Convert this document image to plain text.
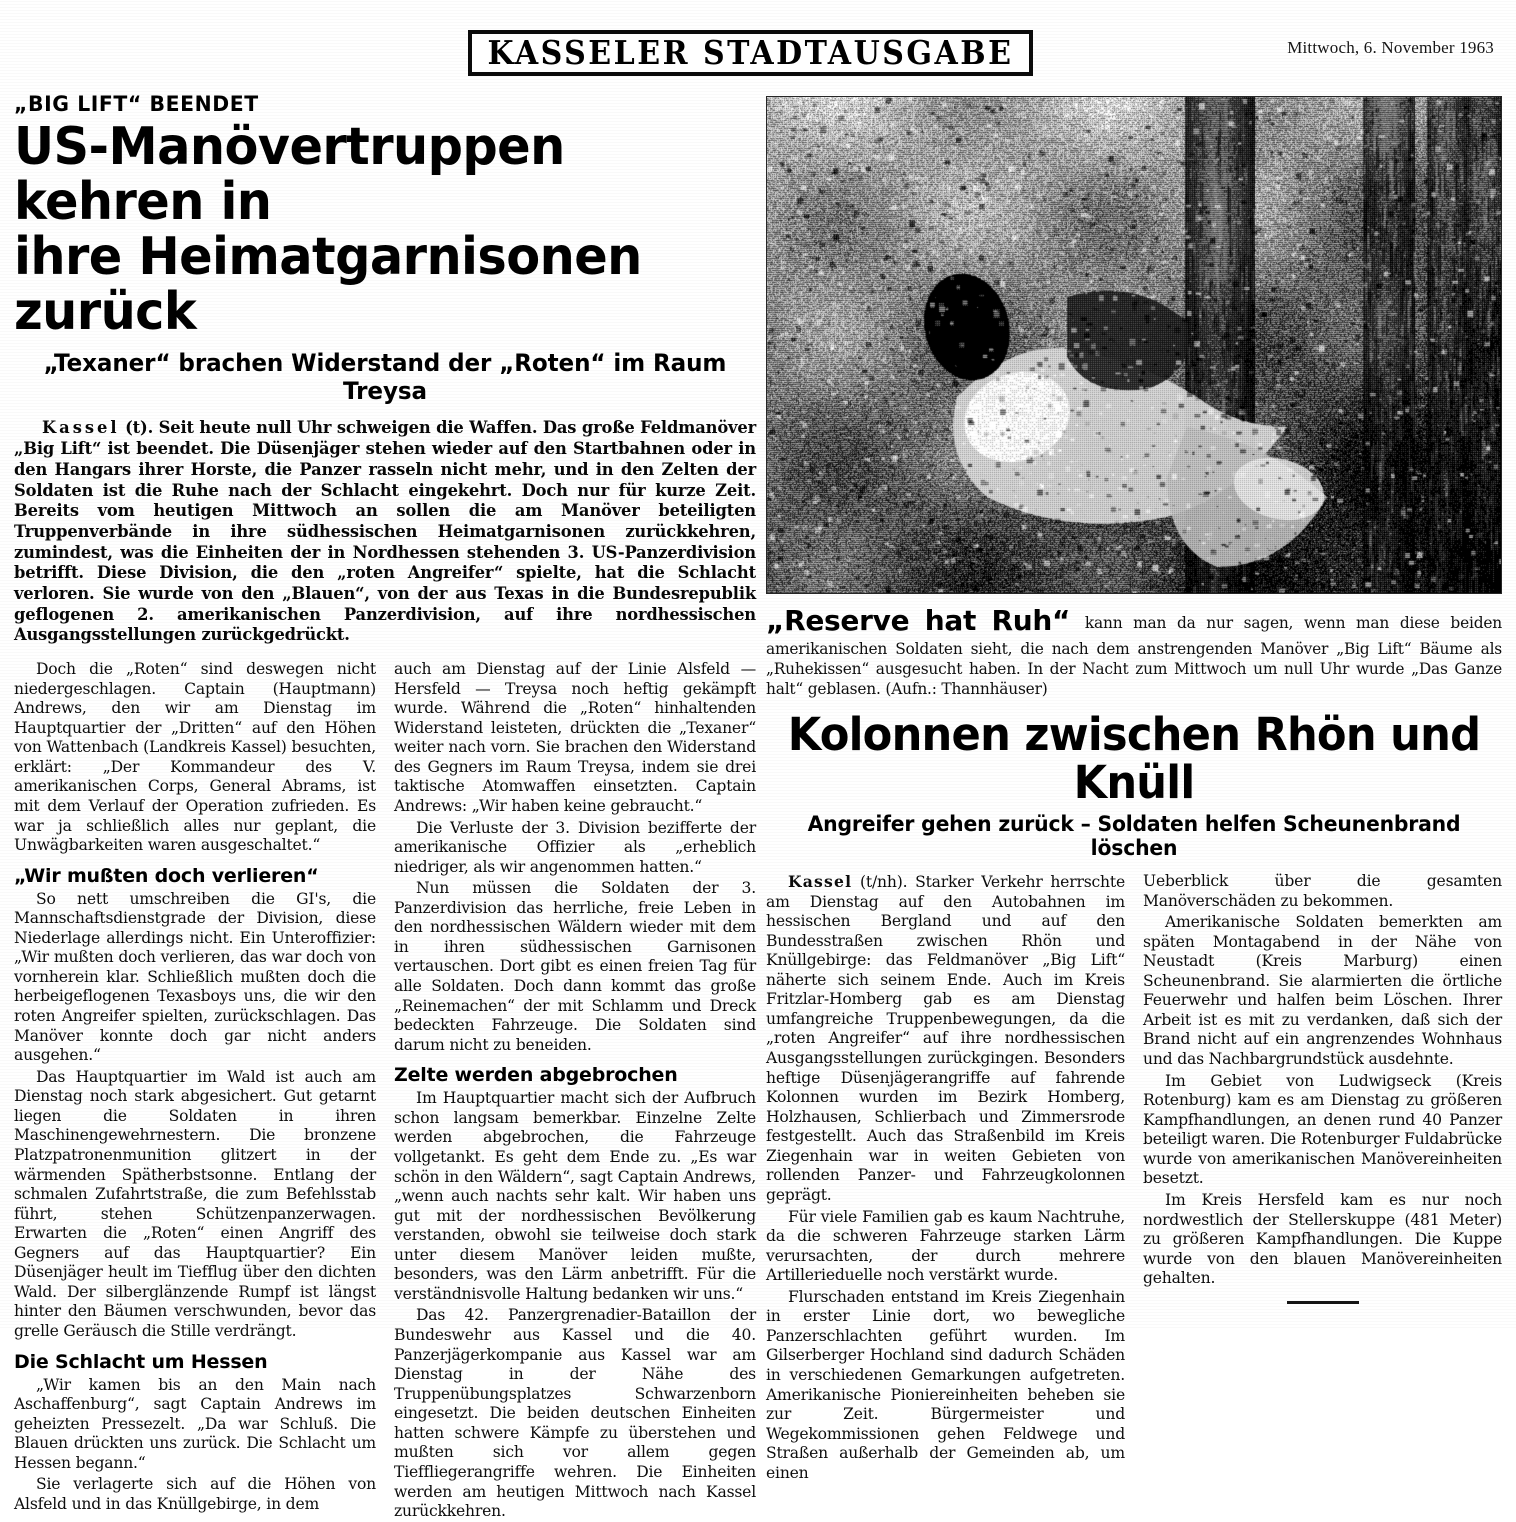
KASSELER STADTAUSGABE	Mittwoch, 6. November 1963
„BIG LIFT“ BEENDET
US-Manövertruppen kehren in
ihre Heimatgarnisonen zurück
„Texaner“ brachen Widerstand der „Roten“ im Raum Treysa

Kassel (t). Seit heute null Uhr schweigen die Waffen. Das große Feldmanöver „Big Lift“ ist beendet. Die Düsenjäger stehen wieder auf den Startbahnen oder in den Hangars ihrer Horste, die Panzer rasseln nicht mehr, und in den Zelten der Soldaten ist die Ruhe nach der Schlacht eingekehrt. Doch nur für kurze Zeit. Bereits vom heutigen Mittwoch an sollen die am Manöver beteiligten Truppenverbände in ihre südhessischen Heimatgarnisonen zurückkehren, zumindest, was die Einheiten der in Nordhessen stehenden 3. US-Panzerdivision betrifft. Diese Division, die den „roten Angreifer“ spielte, hat die Schlacht verloren. Sie wurde von den „Blauen“, von der aus Texas in die Bundesrepublik geflogenen 2. amerikanischen Panzerdivision, auf ihre nordhessischen Ausgangsstellungen zurückgedrückt.

Doch die „Roten“ sind deswegen nicht niedergeschlagen. Captain (Hauptmann) Andrews, den wir am Dienstag im Hauptquartier der „Dritten“ auf den Höhen von Wattenbach (Landkreis Kassel) besuchten, erklärt: „Der Kommandeur des V. amerikanischen Corps, General Abrams, ist mit dem Verlauf der Operation zufrieden. Es war ja schließlich alles nur geplant, die Unwägbarkeiten waren ausgeschaltet.“

„Wir mußten doch verlieren“

So nett umschreiben die GI's, die Mannschaftsdienstgrade der Division, diese Niederlage allerdings nicht. Ein Unteroffizier: „Wir mußten doch verlieren, das war doch von vornherein klar. Schließlich mußten doch die herbeigeflogenen Texasboys uns, die wir den roten Angreifer spielten, zurückschlagen. Das Manöver konnte doch gar nicht anders ausgehen.“

Das Hauptquartier im Wald ist auch am Dienstag noch stark abgesichert. Gut getarnt liegen die Soldaten in ihren Maschinengewehrnestern. Die bronzene Platzpatronenmunition glitzert in der wärmenden Spätherbstsonne. Entlang der schmalen Zufahrtstraße, die zum Befehlsstab führt, stehen Schützenpanzerwagen. Erwarten die „Roten“ einen Angriff des Gegners auf das Hauptquartier? Ein Düsenjäger heult im Tiefflug über den dichten Wald. Der silberglänzende Rumpf ist längst hinter den Bäumen verschwunden, bevor das grelle Geräusch die Stille verdrängt.

Die Schlacht um Hessen

„Wir kamen bis an den Main nach Aschaffenburg“, sagt Captain Andrews im geheizten Pressezelt. „Da war Schluß. Die Blauen drückten uns zurück. Die Schlacht um Hessen begann.“

Sie verlagerte sich auf die Höhen von Alsfeld und in das Knüllgebirge, in dem

auch am Dienstag auf der Linie Alsfeld — Hersfeld — Treysa noch heftig gekämpft wurde. Während die „Roten“ hinhaltenden Widerstand leisteten, drückten die „Texaner“ weiter nach vorn. Sie brachen den Widerstand des Gegners im Raum Treysa, indem sie drei taktische Atomwaffen einsetzten. Captain Andrews: „Wir haben keine gebraucht.“

Die Verluste der 3. Division bezifferte der amerikanische Offizier als „erheblich niedriger, als wir angenommen hatten.“

Nun müssen die Soldaten der 3. Panzerdivision das herrliche, freie Leben in den nordhessischen Wäldern wieder mit dem in ihren südhessischen Garnisonen vertauschen. Dort gibt es einen freien Tag für alle Soldaten. Doch dann kommt das große „Reinemachen“ der mit Schlamm und Dreck bedeckten Fahrzeuge. Die Soldaten sind darum nicht zu beneiden.

Zelte werden abgebrochen

Im Hauptquartier macht sich der Aufbruch schon langsam bemerkbar. Einzelne Zelte werden abgebrochen, die Fahrzeuge vollgetankt. Es geht dem Ende zu. „Es war schön in den Wäldern“, sagt Captain Andrews, „wenn auch nachts sehr kalt. Wir haben uns gut mit der nordhessischen Bevölkerung verstanden, obwohl sie teilweise doch stark unter diesem Manöver leiden mußte, besonders, was den Lärm anbetrifft. Für die verständnisvolle Haltung bedanken wir uns.“

Das 42. Panzergrenadier-Bataillon der Bundeswehr aus Kassel und die 40. Panzerjägerkompanie aus Kassel war am Dienstag in der Nähe des Truppenübungsplatzes Schwarzenborn eingesetzt. Die beiden deutschen Einheiten hatten schwere Kämpfe zu überstehen und mußten sich vor allem gegen Tieffliegerangriffe wehren. Die Einheiten werden am heutigen Mittwoch nach Kassel zurückkehren.

„Reserve hat Ruh“ kann man da nur sagen, wenn man diese beiden amerikanischen Soldaten sieht, die nach dem anstrengenden Manöver „Big Lift“ Bäume als „Ruhekissen“ ausgesucht haben. In der Nacht zum Mittwoch um null Uhr wurde „Das Ganze halt“ geblasen. (Aufn.: Thannhäuser)
Kolonnen zwischen Rhön und Knüll
Angreifer gehen zurück – Soldaten helfen Scheunenbrand löschen

Kassel (t/nh). Starker Verkehr herrschte am Dienstag auf den Autobahnen im hessischen Bergland und auf den Bundesstraßen zwischen Rhön und Knüllgebirge: das Feldmanöver „Big Lift“ näherte sich seinem Ende. Auch im Kreis Fritzlar-Homberg gab es am Dienstag umfangreiche Truppenbewegungen, da die „roten Angreifer“ auf ihre nordhessischen Ausgangsstellungen zurückgingen. Besonders heftige Düsenjägerangriffe auf fahrende Kolonnen wurden im Bezirk Homberg, Holzhausen, Schlierbach und Zimmersrode festgestellt. Auch das Straßenbild im Kreis Ziegenhain war in weiten Gebieten von rollenden Panzer- und Fahrzeugkolonnen geprägt.

Für viele Familien gab es kaum Nachtruhe, da die schweren Fahrzeuge starken Lärm verursachten, der durch mehrere Artillerieduelle noch verstärkt wurde.

Flurschaden entstand im Kreis Ziegenhain in erster Linie dort, wo bewegliche Panzerschlachten geführt wurden. Im Gilserberger Hochland sind dadurch Schäden in verschiedenen Gemarkungen aufgetreten. Amerikanische Pioniereinheiten beheben sie zur Zeit. Bürgermeister und Wegekommissionen gehen Feldwege und Straßen außerhalb der Gemeinden ab, um einen

Ueberblick über die gesamten Manöverschäden zu bekommen.

Amerikanische Soldaten bemerkten am späten Montagabend in der Nähe von Neustadt (Kreis Marburg) einen Scheunenbrand. Sie alarmierten die örtliche Feuerwehr und halfen beim Löschen. Ihrer Arbeit ist es mit zu verdanken, daß sich der Brand nicht auf ein angrenzendes Wohnhaus und das Nachbargrundstück ausdehnte.

Im Gebiet von Ludwigseck (Kreis Rotenburg) kam es am Dienstag zu größeren Kampfhandlungen, an denen rund 40 Panzer beteiligt waren. Die Rotenburger Fuldabrücke wurde von amerikanischen Manövereinheiten besetzt.

Im Kreis Hersfeld kam es nur noch nordwestlich der Stellerskuppe (481 Meter) zu größeren Kampfhandlungen. Die Kuppe wurde von den blauen Manövereinheiten gehalten.
